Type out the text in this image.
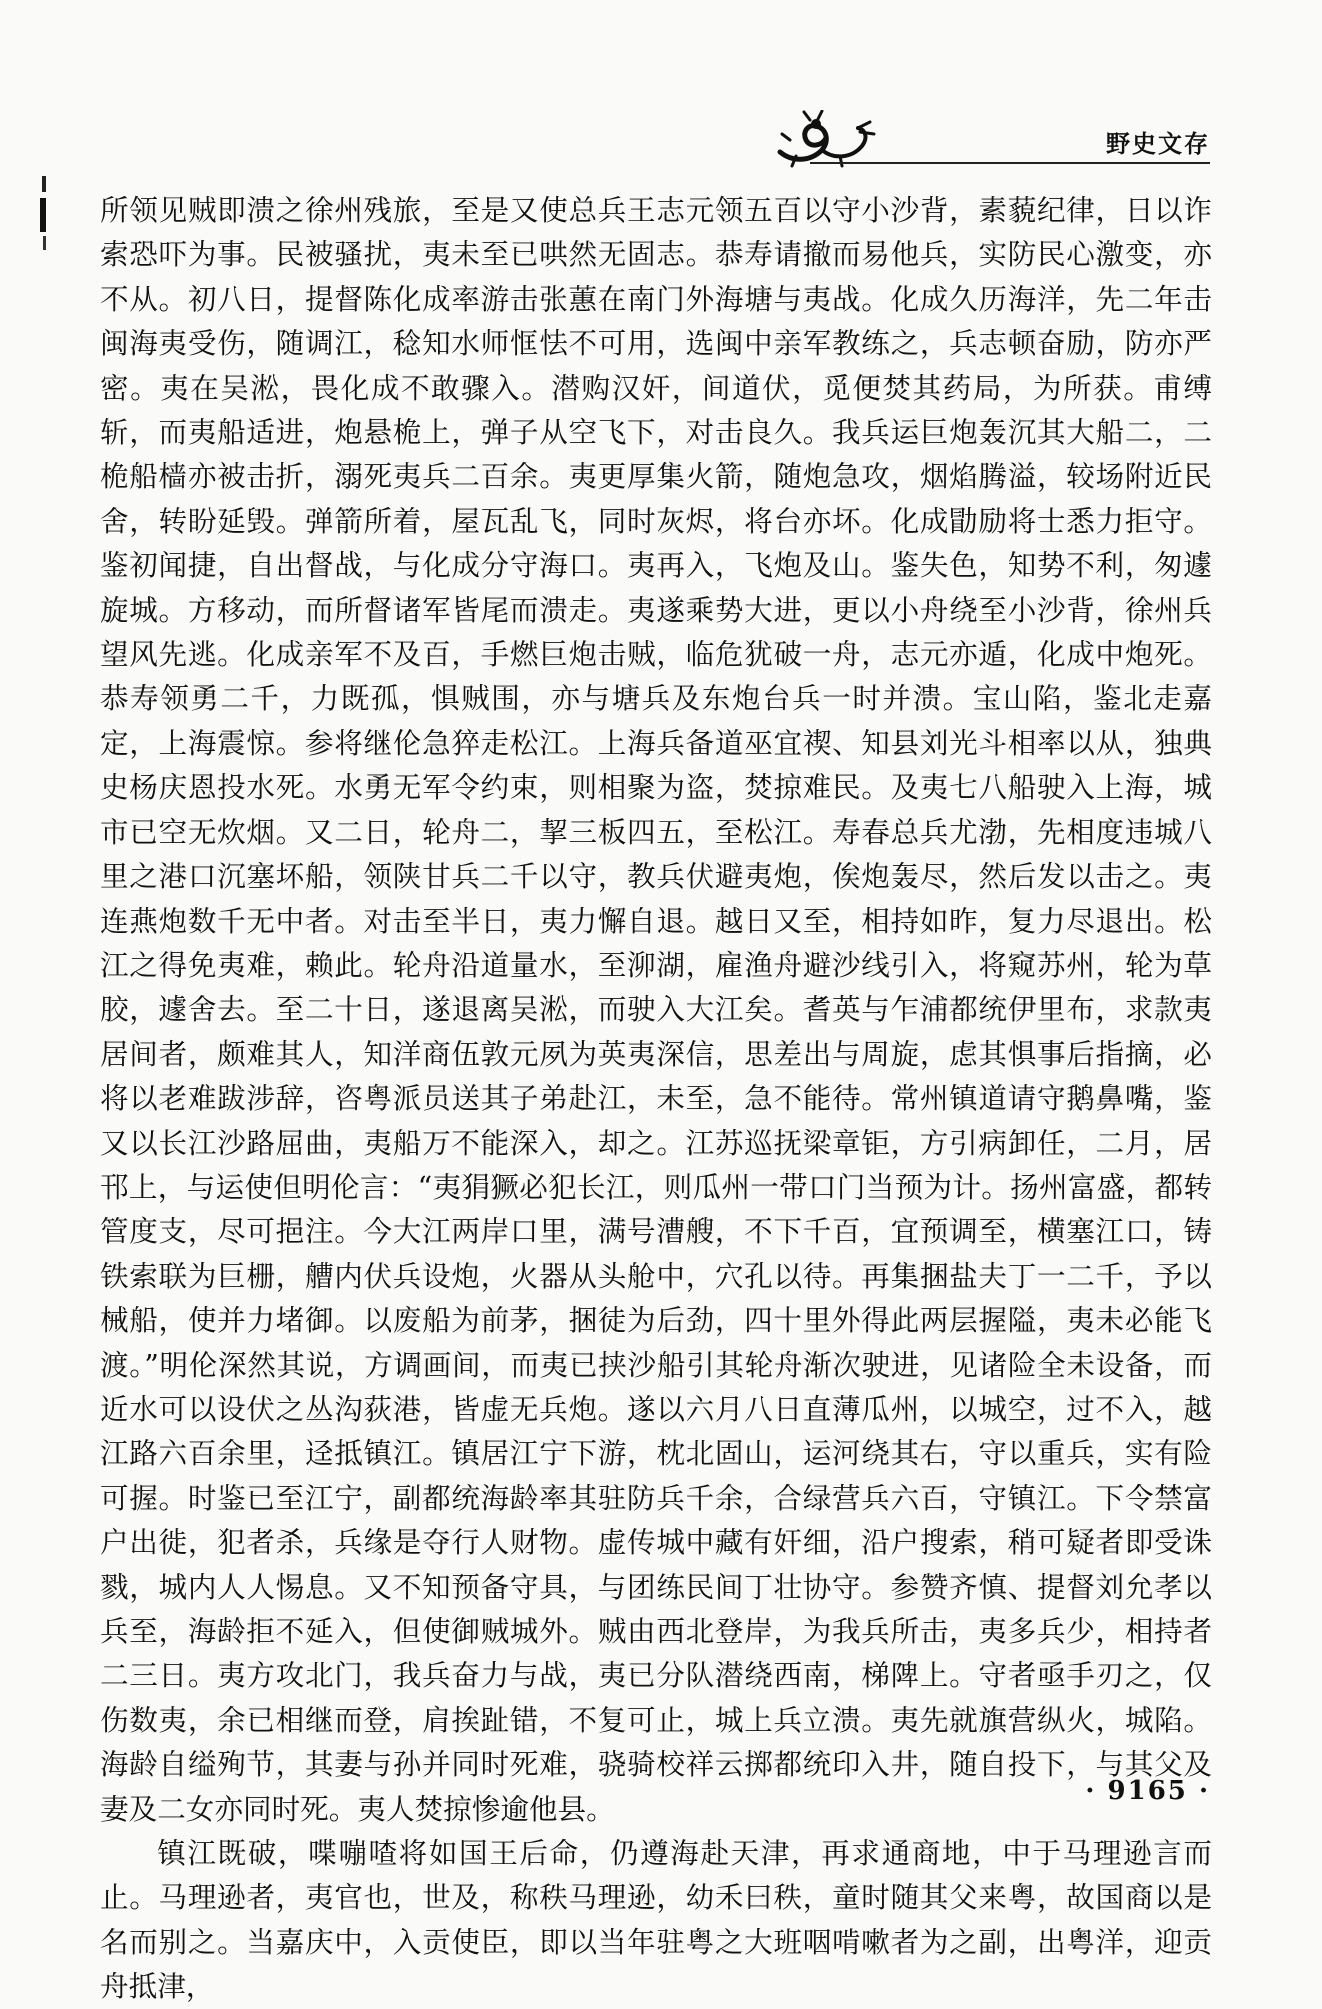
野史文存

所领见贼即溃之徐州残旅，至是又使总兵王志元领五百以守小沙背，素藐纪律，日以诈索恐吓为事。民被骚扰，夷未至已哄然无固志。恭寿请撤而易他兵，实防民心激变，亦不从。初八日，提督陈化成率游击张蕙在南门外海塘与夷战。化成久历海洋，先二年击闽海夷受伤，随调江，稔知水师恇怯不可用，选闽中亲军教练之，兵志顿奋励，防亦严密。夷在吴淞，畏化成不敢骤入。潜购汉奸，间道伏，觅便焚其药局，为所获。甫缚斩，而夷船适进，炮悬桅上，弹子从空飞下，对击良久。我兵运巨炮轰沉其大船二，二桅船樯亦被击折，溺死夷兵二百余。夷更厚集火箭，随炮急攻，烟焰腾溢，较场附近民舍，转盼延毁。弹箭所着，屋瓦乱飞，同时灰烬，将台亦坏。化成勖励将士悉力拒守。鉴初闻捷，自出督战，与化成分守海口。夷再入，飞炮及山。鉴失色，知势不利，匆遽旋城。方移动，而所督诸军皆尾而溃走。夷遂乘势大进，更以小舟绕至小沙背，徐州兵望风先逃。化成亲军不及百，手燃巨炮击贼，临危犹破一舟，志元亦遁，化成中炮死。恭寿领勇二千，力既孤，惧贼围，亦与塘兵及东炮台兵一时并溃。宝山陷，鉴北走嘉定，上海震惊。参将继伦急猝走松江。上海兵备道巫宜禊、知县刘光斗相率以从，独典史杨庆恩投水死。水勇无军令约束，则相聚为盗，焚掠难民。及夷七八船驶入上海，城市已空无炊烟。又二日，轮舟二，挈三板四五，至松江。寿春总兵尤渤，先相度违城八里之港口沉塞坏船，领陕甘兵二千以守，教兵伏避夷炮，俟炮轰尽，然后发以击之。夷连燕炮数千无中者。对击至半日，夷力懈自退。越日又至，相持如昨，复力尽退出。松江之得免夷难，赖此。轮舟沿道量水，至泖湖，雇渔舟避沙线引入，将窥苏州，轮为草胶，遽舍去。至二十日，遂退离吴淞，而驶入大江矣。耆英与乍浦都统伊里布，求款夷居间者，颇难其人，知洋商伍敦元夙为英夷深信，思差出与周旋，虑其惧事后指摘，必将以老难跋涉辞，咨粤派员送其子弟赴江，未至，急不能待。常州镇道请守鹅鼻嘴，鉴又以长江沙路屈曲，夷船万不能深入，却之。江苏巡抚梁章钜，方引病卸任，二月，居邗上，与运使但明伦言：“夷狷獗必犯长江，则瓜州一带口门当预为计。扬州富盛，都转管度支，尽可挹注。今大江两岸口里，满号漕艘，不下千百，宜预调至，横塞江口，铸铁索联为巨栅，艚内伏兵设炮，火器从头舱中，穴孔以待。再集捆盐夫丁一二千，予以械船，使并力堵御。以废船为前茅，捆徒为后劲，四十里外得此两层握隘，夷未必能飞渡。”明伦深然其说，方调画间，而夷已挟沙船引其轮舟渐次驶进，见诸险全未设备，而近水可以设伏之丛沟荻港，皆虚无兵炮。遂以六月八日直薄瓜州，以城空，过不入，越江路六百余里，迳抵镇江。镇居江宁下游，枕北固山，运河绕其右，守以重兵，实有险可握。时鉴已至江宁，副都统海龄率其驻防兵千余，合绿营兵六百，守镇江。下令禁富户出徙，犯者杀，兵缘是夺行人财物。虚传城中藏有奸细，沿户搜索，稍可疑者即受诛戮，城内人人惕息。又不知预备守具，与团练民间丁壮协守。参赞齐慎、提督刘允孝以兵至，海龄拒不延入，但使御贼城外。贼由西北登岸，为我兵所击，夷多兵少，相持者二三日。夷方攻北门，我兵奋力与战，夷已分队潜绕西南，梯陴上。守者亟手刃之，仅伤数夷，余已相继而登，肩挨趾错，不复可止，城上兵立溃。夷先就旗营纵火，城陷。海龄自缢殉节，其妻与孙并同时死难，骁骑校祥云掷都统印入井，随自投下，与其父及妻及二女亦同时死。夷人焚掠惨逾他县。

镇江既破，喋嘣喳将如国王后命，仍遵海赴天津，再求通商地，中于马理逊言而止。马理逊者，夷官也，世及，称秩马理逊，幼禾曰秩，童时随其父来粤，故国商以是名而别之。当嘉庆中，入贡使臣，即以当年驻粤之大班咽啃嗽者为之副，出粤洋，迎贡舟抵津，

· 9165 ·
